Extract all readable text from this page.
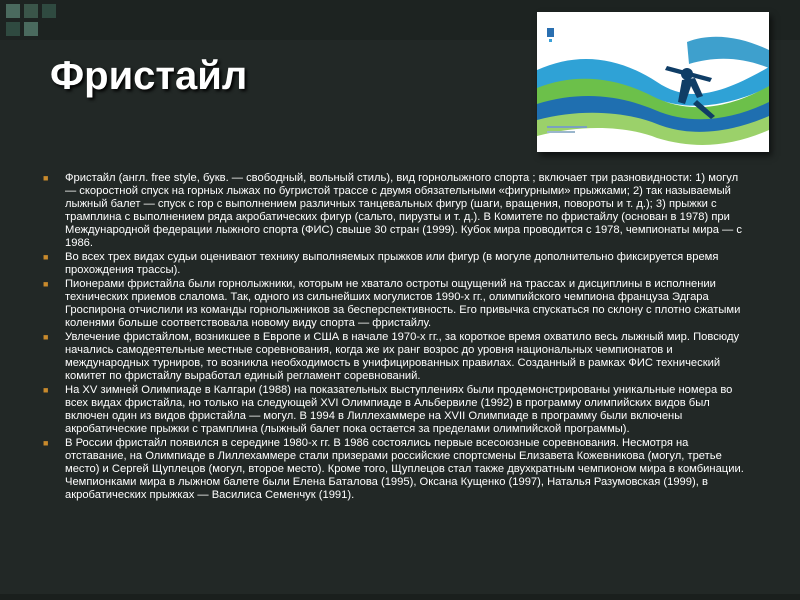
Фристайл
■ Фристайл (англ. free style, букв. — свободный, вольный стиль), вид горнолыжного спорта ; включает три разновидности: 1) могул — скоростной спуск на горных лыжах по бугристой трассе с двумя обязательными «фигурными» прыжками; 2) так называемый лыжный балет — спуск с гор с выполнением различных танцевальных фигур (шаги, вращения, повороты и т. д.); 3) прыжки с трамплина с выполнением ряда акробатических фигур (сальто, пирузты и т. д.). В Комитете по фристайлу (основан в 1978) при Международной федерации лыжного спорта (ФИС) свыше 30 стран (1999). Кубок мира проводится с 1978, чемпионаты мира — с 1986.
■ Во всех трех видах судьи оценивают технику выполняемых прыжков или фигур (в могуле дополнительно фиксируется время прохождения трассы).
■ Пионерами фристайла были горнолыжники, которым не хватало остроты ощущений на трассах и дисциплины в исполнении технических приемов слалома. Так, одного из сильнейших могулистов 1990-х гг., олимпийского чемпиона француза Эдгара Гроспирона отчислили из команды горнолыжников за бесперспективность. Его привычка спускаться по склону с плотно сжатыми коленями больше соответствовала новому виду спорта — фристайлу.
■ Увлечение фристайлом, возникшее в Европе и США в начале 1970-х гг., за короткое время охватило весь лыжный мир. Повсюду начались самодеятельные местные соревнования, когда же их ранг возрос до уровня национальных чемпионатов и международных турниров, то возникла необходимость в унифицированных правилах. Созданный в рамках ФИС технический комитет по фристайлу выработал единый регламент соревнований.
■ На XV зимней Олимпиаде в Калгари (1988) на показательных выступлениях были продемонстрированы уникальные номера во всех видах фристайла, но только на следующей XVI Олимпиаде в Альбервиле (1992) в программу олимпийских видов был включен один из видов фристайла — могул. В 1994 в Лиллехаммере на XVII Олимпиаде в программу были включены акробатические прыжки с трамплина (лыжный балет пока остается за пределами олимпийской программы).
■ В России фристайл появился в середине 1980-х гг. В 1986 состоялись первые всесоюзные соревнования. Несмотря на отставание, на Олимпиаде в Лиллехаммере стали призерами российские спортсмены Елизавета Кожевникова (могул, третье место) и Сергей Щуплецов (могул, второе место). Кроме того, Щуплецов стал также двухкратным чемпионом мира в комбинации. Чемпионками мира в лыжном балете были Елена Баталова (1995), Оксана Кущенко (1997), Наталья Разумовская (1999), в акробатических прыжках — Василиса Семенчук (1991).
